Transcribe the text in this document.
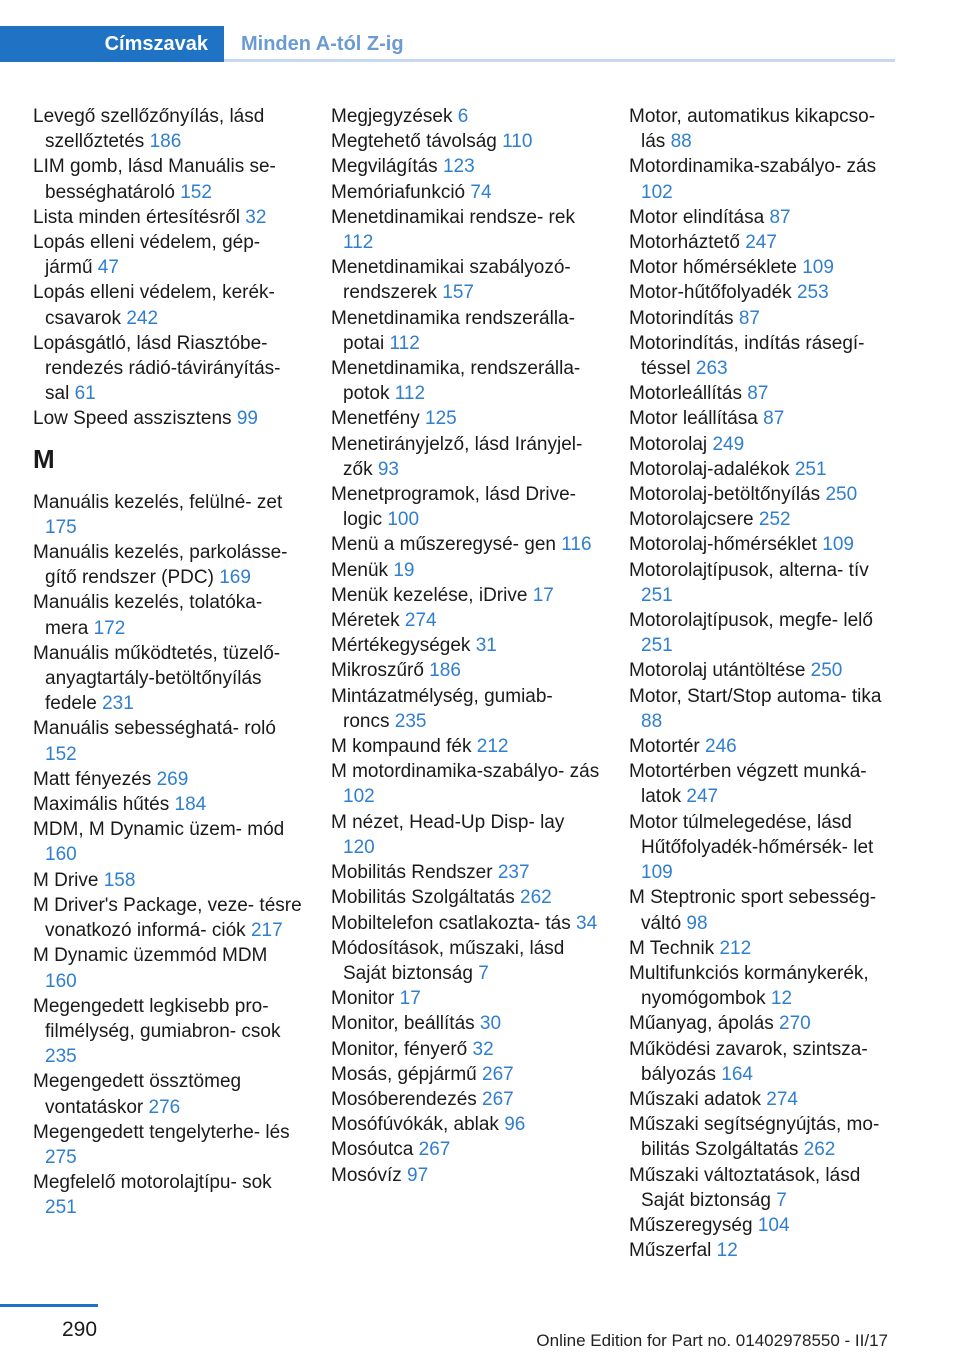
Címszavak	Minden A-tól Z-ig
Levegő szellőzőnyílás, lásd szellőztetés 186
LIM gomb, lásd Manuális se- bességhatároló 152
Lista minden értesítésről 32
Lopás elleni védelem, gép- jármű 47
Lopás elleni védelem, kerék- csavarok 242
Lopásgátló, lásd Riasztóbe- rendezés rádió-távirányítás- sal 61
Low Speed asszisztens 99
M
Manuális kezelés, felülné- zet 175
Manuális kezelés, parkolásse- gítő rendszer (PDC) 169
Manuális kezelés, tolatóka- mera 172
Manuális működtetés, tüzelő- anyagtartály-betöltőnyílás fedele 231
Manuális sebességhatá- roló 152
Matt fényezés 269
Maximális hűtés 184
MDM, M Dynamic üzem- mód 160
M Drive 158
M Driver's Package, veze- tésre vonatkozó informá- ciók 217
M Dynamic üzemmód MDM 160
Megengedett legkisebb pro- filmélység, gumiabron- csok 235
Megengedett össztömeg vontatáskor 276
Megengedett tengelyterhe- lés 275
Megfelelő motorolajtípu- sok 251
Megjegyzések 6
Megtehető távolság 110
Megvilágítás 123
Memóriafunkció 74
Menetdinamikai rendsze- rek 112
Menetdinamikai szabályozó- rendszerek 157
Menetdinamika rendszerálla- potai 112
Menetdinamika, rendszerálla- potok 112
Menetfény 125
Menetirányjelző, lásd Irányjel- zők 93
Menetprogramok, lásd Drive- logic 100
Menü a műszeregysé- gen 116
Menük 19
Menük kezelése, iDrive 17
Méretek 274
Mértékegységek 31
Mikroszűrő 186
Mintázatmélység, gumiab- roncs 235
M kompaund fék 212
M motordinamika-szabályo- zás 102
M nézet, Head-Up Disp- lay 120
Mobilitás Rendszer 237
Mobilitás Szolgáltatás 262
Mobiltelefon csatlakozta- tás 34
Módosítások, műszaki, lásd Saját biztonság 7
Monitor 17
Monitor, beállítás 30
Monitor, fényerő 32
Mosás, gépjármű 267
Mosóberendezés 267
Mosófúvókák, ablak 96
Mosóutca 267
Mosóvíz 97
Motor, automatikus kikapcso- lás 88
Motordinamika-szabályo- zás 102
Motor elindítása 87
Motorháztető 247
Motor hőmérséklete 109
Motor-hűtőfolyadék 253
Motorindítás 87
Motorindítás, indítás rásegí- téssel 263
Motorleállítás 87
Motor leállítása 87
Motorolaj 249
Motorolaj-adalékok 251
Motorolaj-betöltőnyílás 250
Motorolajcsere 252
Motorolaj-hőmérséklet 109
Motorolajtípusok, alterna- tív 251
Motorolajtípusok, megfe- lelő 251
Motorolaj utántöltése 250
Motor, Start/Stop automa- tika 88
Motortér 246
Motortérben végzett munká- latok 247
Motor túlmelegedése, lásd Hűtőfolyadék-hőmérsék- let 109
M Steptronic sport sebesség- váltó 98
M Technik 212
Multifunkciós kormánykerék, nyomógombok 12
Műanyag, ápolás 270
Működési zavarok, szintsza- bályozás 164
Műszaki adatok 274
Műszaki segítségnyújtás, mo- bilitás Szolgáltatás 262
Műszaki változtatások, lásd Saját biztonság 7
Műszeregység 104
Műszerfal 12
290	Online Edition for Part no. 01402978550 - II/17
